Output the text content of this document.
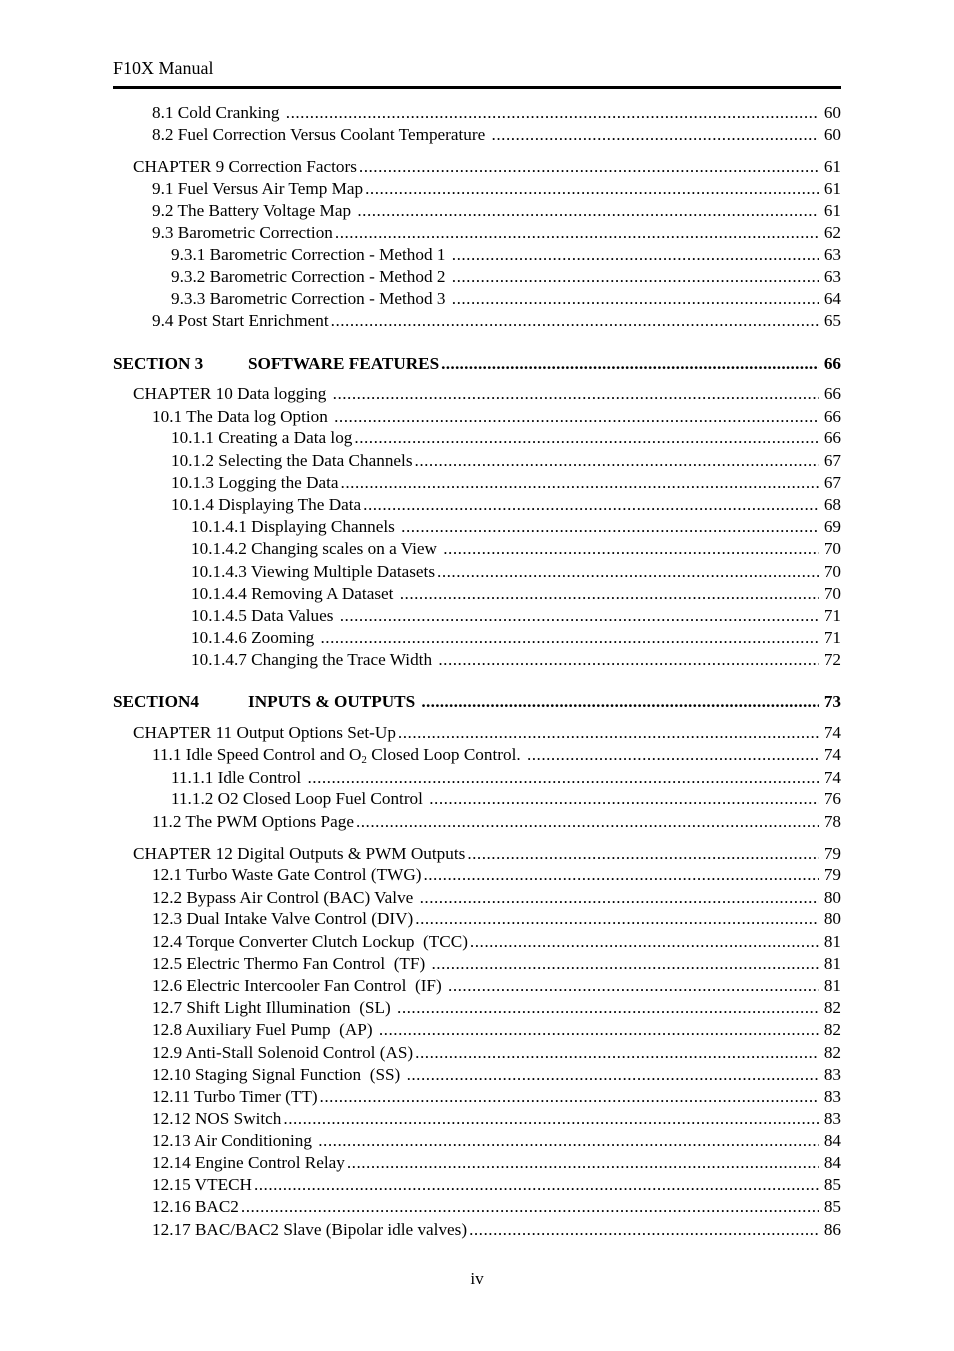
F10X Manual
8.1 Cold Cranking .....	60
8.2 Fuel Correction Versus Coolant Temperature .....	60
CHAPTER 9 Correction Factors .....	61
9.1 Fuel Versus Air Temp Map .....	61
9.2 The Battery Voltage Map .....	61
9.3 Barometric Correction .....	62
9.3.1 Barometric Correction - Method 1 .....	63
9.3.2 Barometric Correction - Method 2 .....	63
9.3.3 Barometric Correction - Method 3 .....	64
9.4 Post Start Enrichment .....	65
SECTION 3	SOFTWARE FEATURES .....	66
CHAPTER 10 Data logging .....	66
10.1 The Data log Option .....	66
10.1.1 Creating a Data log .....	66
10.1.2 Selecting the Data Channels .....	67
10.1.3 Logging the Data .....	67
10.1.4 Displaying The Data .....	68
10.1.4.1 Displaying Channels .....	69
10.1.4.2 Changing scales on a View .....	70
10.1.4.3 Viewing Multiple Datasets .....	70
10.1.4.4 Removing A Dataset .....	70
10.1.4.5 Data Values .....	71
10.1.4.6 Zooming .....	71
10.1.4.7 Changing the Trace Width .....	72
SECTION4	INPUTS & OUTPUTS .....	73
CHAPTER 11 Output Options Set-Up .....	74
11.1 Idle Speed Control and $O_2$ Closed Loop Control. .....	74
11.1.1 Idle Control .....	74
11.1.2 O2 Closed Loop Fuel Control .....	76
11.2 The PWM Options Page .....	78
CHAPTER 12 Digital Outputs & PWM Outputs .....	79
12.1 Turbo Waste Gate Control (TWG) .....	79
12.2 Bypass Air Control (BAC) Valve .....	80
12.3 Dual Intake Valve Control (DIV) .....	80
12.4 Torque Converter Clutch Lockup  (TCC) .....	81
12.5 Electric Thermo Fan Control  (TF) .....	81
12.6 Electric Intercooler Fan Control  (IF) .....	81
12.7 Shift Light Illumination  (SL) .....	82
12.8 Auxiliary Fuel Pump  (AP) .....	82
12.9 Anti-Stall Solenoid Control (AS) .....	82
12.10 Staging Signal Function  (SS) .....	83
12.11 Turbo Timer (TT) .....	83
12.12 NOS Switch .....	83
12.13 Air Conditioning .....	84
12.14 Engine Control Relay .....	84
12.15 VTECH .....	85
12.16 BAC2 .....	85
12.17 BAC/BAC2 Slave (Bipolar idle valves) .....	86
iv
